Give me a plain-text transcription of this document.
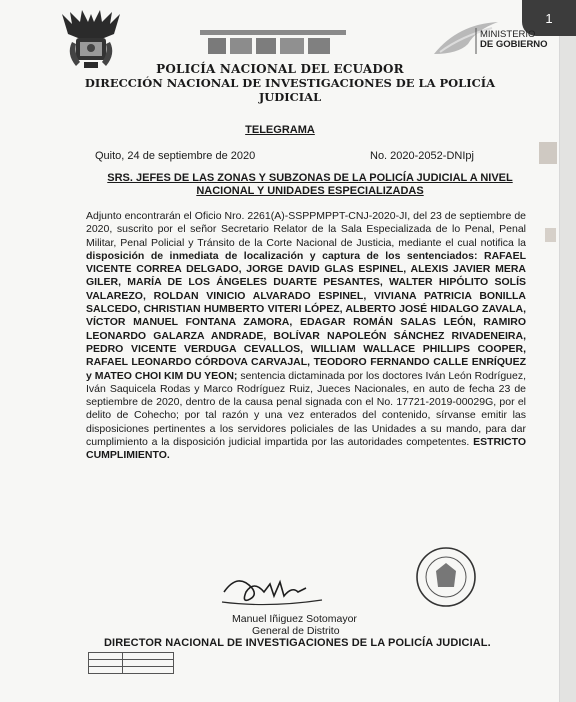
1
MINISTERIO
DE GOBIERNO
POLICÍA NACIONAL DEL ECUADOR
DIRECCIÓN NACIONAL DE INVESTIGACIONES DE LA POLICÍA JUDICIAL
TELEGRAMA
Quito, 24 de septiembre de 2020	No. 2020-2052-DNIpj
SRS. JEFES DE LAS ZONAS Y SUBZONAS DE LA POLICÍA JUDICIAL A NIVEL NACIONAL Y UNIDADES ESPECIALIZADAS
Adjunto encontrarán el Oficio Nro. 2261(A)-SSPPMPPT-CNJ-2020-JI, del 23 de septiembre de 2020, suscrito por el señor Secretario Relator de la Sala Especializada de lo Penal, Penal Militar, Penal Policial y Tránsito de la Corte Nacional de Justicia, mediante el cual notifica la disposición de inmediata de localización y captura de los sentenciados: RAFAEL VICENTE CORREA DELGADO, JORGE DAVID GLAS ESPINEL, ALEXIS JAVIER MERA GILER, MARÍA DE LOS ÁNGELES DUARTE PESANTES, WALTER HIPÓLITO SOLÍS VALAREZO, ROLDAN VINICIO ALVARADO ESPINEL, VIVIANA PATRICIA BONILLA SALCEDO, CHRISTIAN HUMBERTO VITERI LÓPEZ, ALBERTO JOSÉ HIDALGO ZAVALA, VÍCTOR MANUEL FONTANA ZAMORA, EDAGAR ROMÁN SALAS LEÓN, RAMIRO LEONARDO GALARZA ANDRADE, BOLÍVAR NAPOLEÓN SÁNCHEZ RIVADENEIRA, PEDRO VICENTE VERDUGA CEVALLOS, WILLIAM WALLACE PHILLIPS COOPER, RAFAEL LEONARDO CÓRDOVA CARVAJAL, TEODORO FERNANDO CALLE ENRÍQUEZ y MATEO CHOI KIM DU YEON; sentencia dictaminada por los doctores Iván León Rodríguez, Iván Saquicela Rodas y Marco Rodríguez Ruiz, Jueces Nacionales, en auto de fecha 23 de septiembre de 2020, dentro de la causa penal signada con el No. 17721-2019-00029G, por el delito de Cohecho; por tal razón y una vez enterados del contenido, sírvanse emitir las disposiciones pertinentes a los servidores policiales de las Unidades a su mando, para dar cumplimiento a la disposición judicial impartida por las autoridades competentes. ESTRICTO CUMPLIMIENTO.
Manuel Iñiguez Sotomayor
General de Distrito
DIRECTOR NACIONAL DE INVESTIGACIONES DE LA POLICÍA JUDICIAL.
